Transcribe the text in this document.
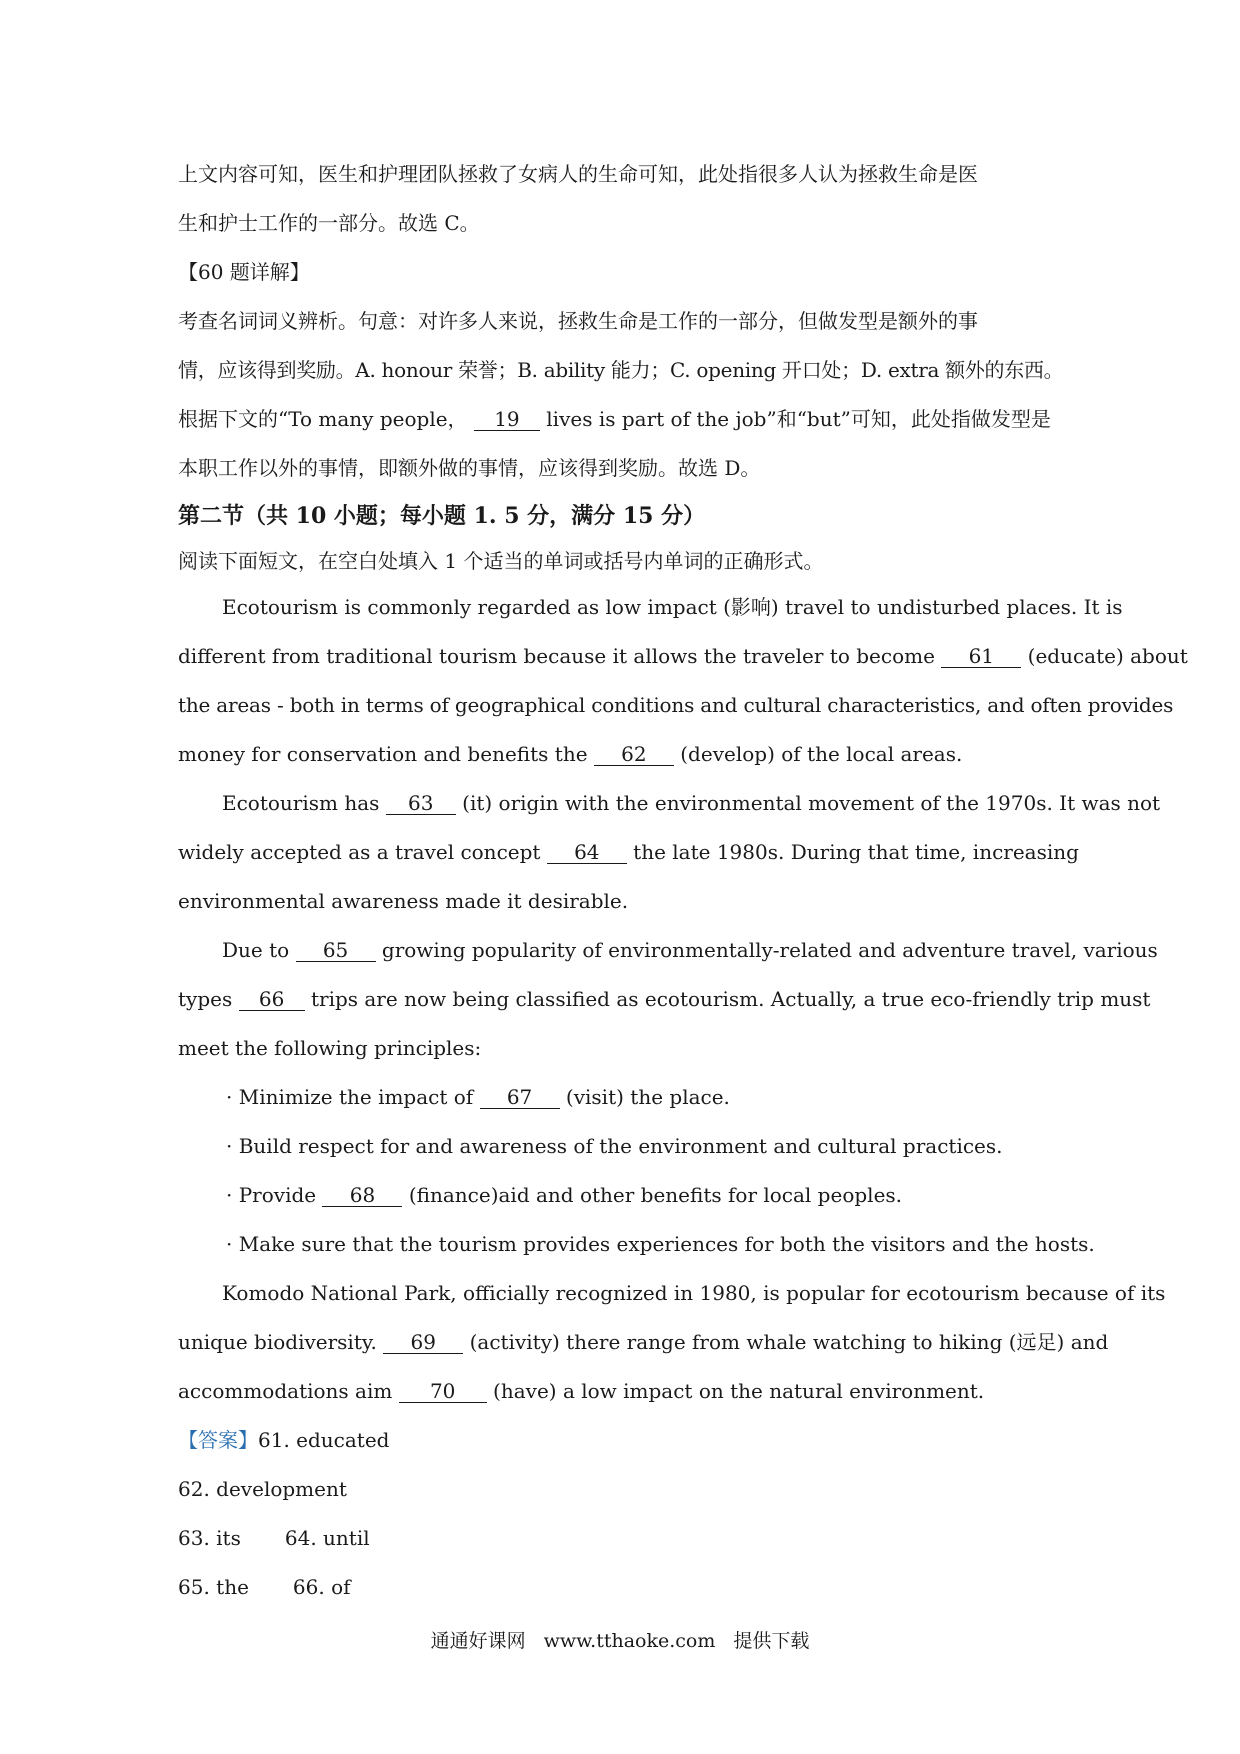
上文内容可知，医生和护理团队拯救了女病人的生命可知，此处指很多人认为拯救生命是医

生和护士工作的一部分。故选 C。

【60 题详解】

考查名词词义辨析。句意：对许多人来说，拯救生命是工作的一部分，但做发型是额外的事

情，应该得到奖励。A. honour 荣誉；B. ability 能力；C. opening 开口处；D. extra 额外的东西。

根据下文的“To many people， 19 lives is part of the job”和“but”可知，此处指做发型是

本职工作以外的事情，即额外做的事情，应该得到奖励。故选 D。

第二节（共 10 小题；每小题 1. 5 分，满分 15 分）

阅读下面短文，在空白处填入 1 个适当的单词或括号内单词的正确形式。

Ecotourism is commonly regarded as low impact (影响) travel to undisturbed places. It is

different from traditional tourism because it allows the traveler to become 61 (educate) about

the areas - both in terms of geographical conditions and cultural characteristics, and often provides

money for conservation and benefits the 62 (develop) of the local areas.

Ecotourism has 63 (it) origin with the environmental movement of the 1970s. It was not

widely accepted as a travel concept 64 the late 1980s. During that time, increasing

environmental awareness made it desirable.

Due to 65 growing popularity of environmentally-related and adventure travel, various

types 66 trips are now being classified as ecotourism. Actually, a true eco-friendly trip must

meet the following principles:

· Minimize the impact of 67 (visit) the place.

· Build respect for and awareness of the environment and cultural practices.

· Provide 68 (finance)aid and other benefits for local peoples.

· Make sure that the tourism provides experiences for both the visitors and the hosts.

Komodo National Park, officially recognized in 1980, is popular for ecotourism because of its

unique biodiversity. 69 (activity) there range from whale watching to hiking (远足) and

accommodations aim 70 (have) a low impact on the natural environment.

【答案】61. educated

62. development

63. its 64. until

65. the 66. of

通通好课网 www.tthaoke.com 提供下载
